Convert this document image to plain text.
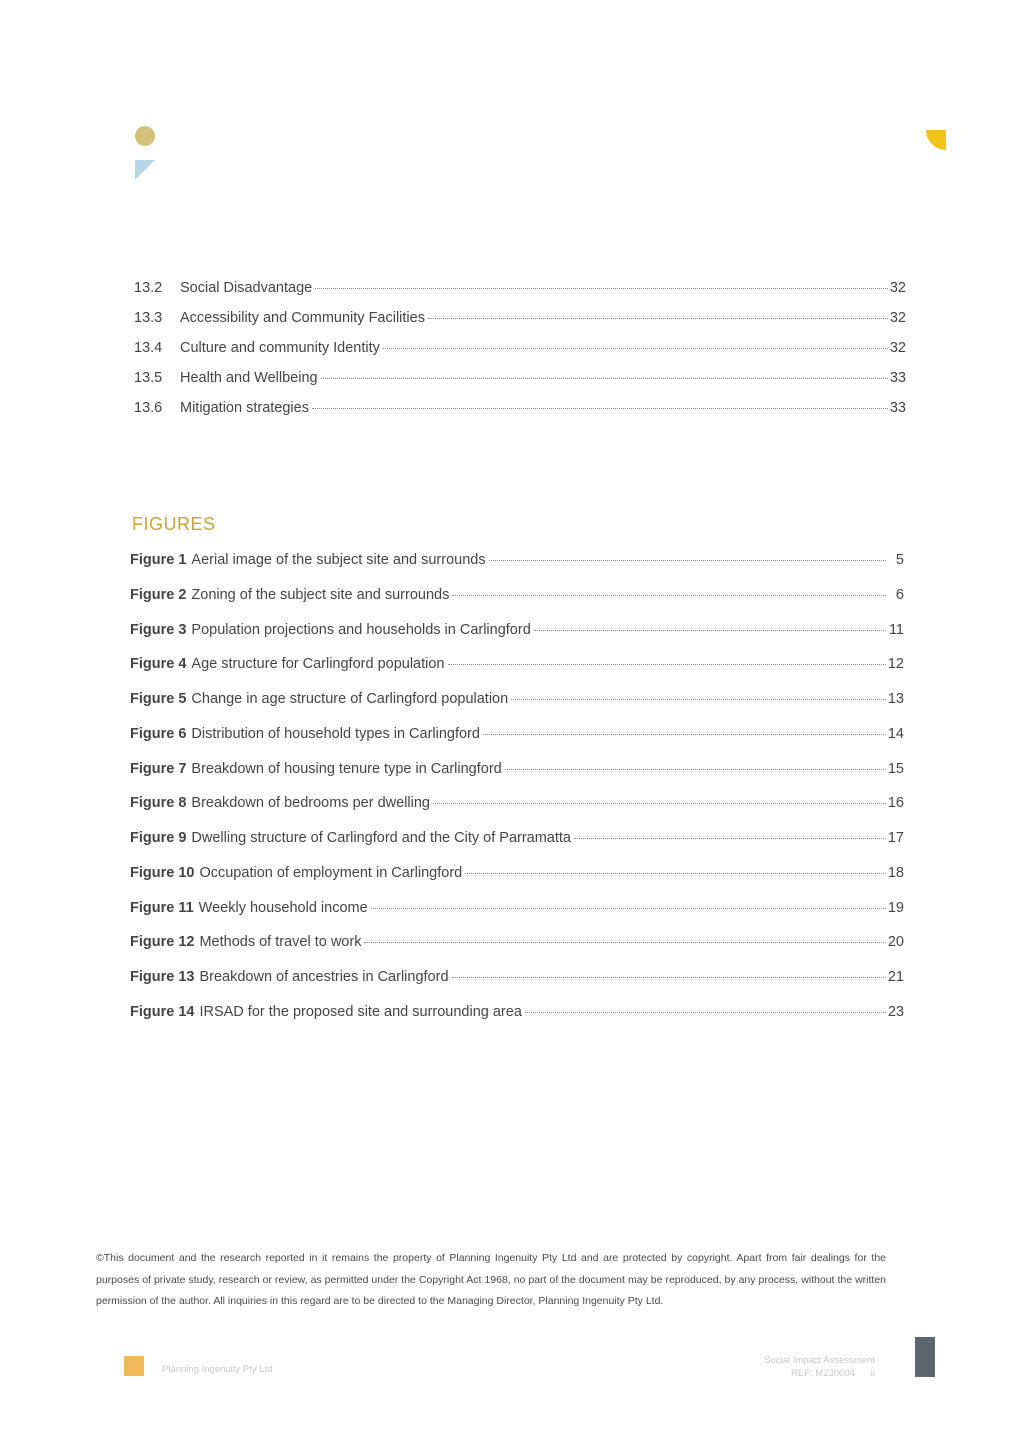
13.2	Social Disadvantage	32
13.3	Accessibility and Community Facilities	32
13.4	Culture and community Identity	32
13.5	Health and Wellbeing	33
13.6	Mitigation strategies	33
FIGURES
Figure 1 Aerial image of the subject site and surrounds	5
Figure 2 Zoning of the subject site and surrounds	6
Figure 3 Population projections and households in Carlingford	11
Figure 4 Age structure for Carlingford population	12
Figure 5 Change in age structure of Carlingford population	13
Figure 6 Distribution of household types in Carlingford	14
Figure 7 Breakdown of housing tenure type in Carlingford	15
Figure 8 Breakdown of bedrooms per dwelling	16
Figure 9 Dwelling structure of Carlingford and the City of Parramatta	17
Figure 10 Occupation of employment in Carlingford	18
Figure 11 Weekly household income	19
Figure 12 Methods of travel to work	20
Figure 13 Breakdown of ancestries in Carlingford	21
Figure 14 IRSAD for the proposed site and surrounding area	23
©This document and the research reported in it remains the property of Planning Ingenuity Pty Ltd and are protected by copyright. Apart from fair dealings for the purposes of private study, research or review, as permitted under the Copyright Act 1968, no part of the document may be reproduced, by any process, without the written permission of the author. All inquiries in this regard are to be directed to the Managing Director, Planning Ingenuity Pty Ltd.
Planning Ingenuity Pty Ltd
Social Impact Assessment
REF: M230004 ii
